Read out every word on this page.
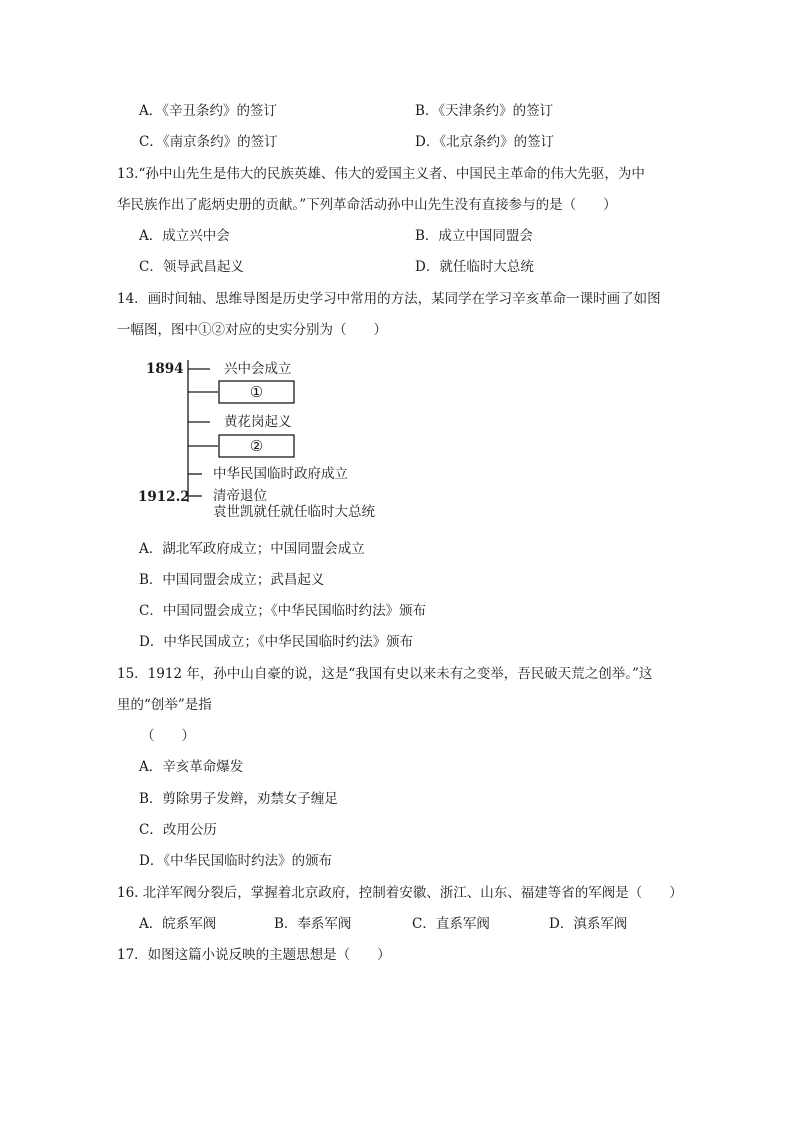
A．《辛丑条约》的签订	B．《天津条约》的签订
C．《南京条约》的签订	D．《北京条约》的签订
13.“孙中山先生是伟大的民族英雄、伟大的爱国主义者、中国民主革命的伟大先驱，为中
华民族作出了彪炳史册的贡献。”下列革命活动孙中山先生没有直接参与的是（　　）
A．成立兴中会	B．成立中国同盟会
C．领导武昌起义	D．就任临时大总统
14．画时间轴、思维导图是历史学习中常用的方法，某同学在学习辛亥革命一课时画了如图
一幅图，图中①②对应的史实分别为（　　）
1894
1912.2
兴中会成立
①
黄花岗起义
②
中华民国临时政府成立
清帝退位
袁世凯就任就任临时大总统
A．湖北军政府成立；中国同盟会成立
B．中国同盟会成立；武昌起义
C．中国同盟会成立；《中华民国临时约法》颁布
D．中华民国成立；《中华民国临时约法》颁布
15．1912 年，孙中山自豪的说，这是“我国有史以来未有之变举，吾民破天荒之创举。”这
里的“创举”是指
（　　）
A．辛亥革命爆发
B．剪除男子发辫，劝禁女子缠足
C．改用公历
D．《中华民国临时约法》的颁布
16. 北洋军阀分裂后，掌握着北京政府，控制着安徽、浙江、山东、福建等省的军阀是（　　）
A．皖系军阀	B．奉系军阀	C．直系军阀	D．滇系军阀
17．如图这篇小说反映的主题思想是（　　）
